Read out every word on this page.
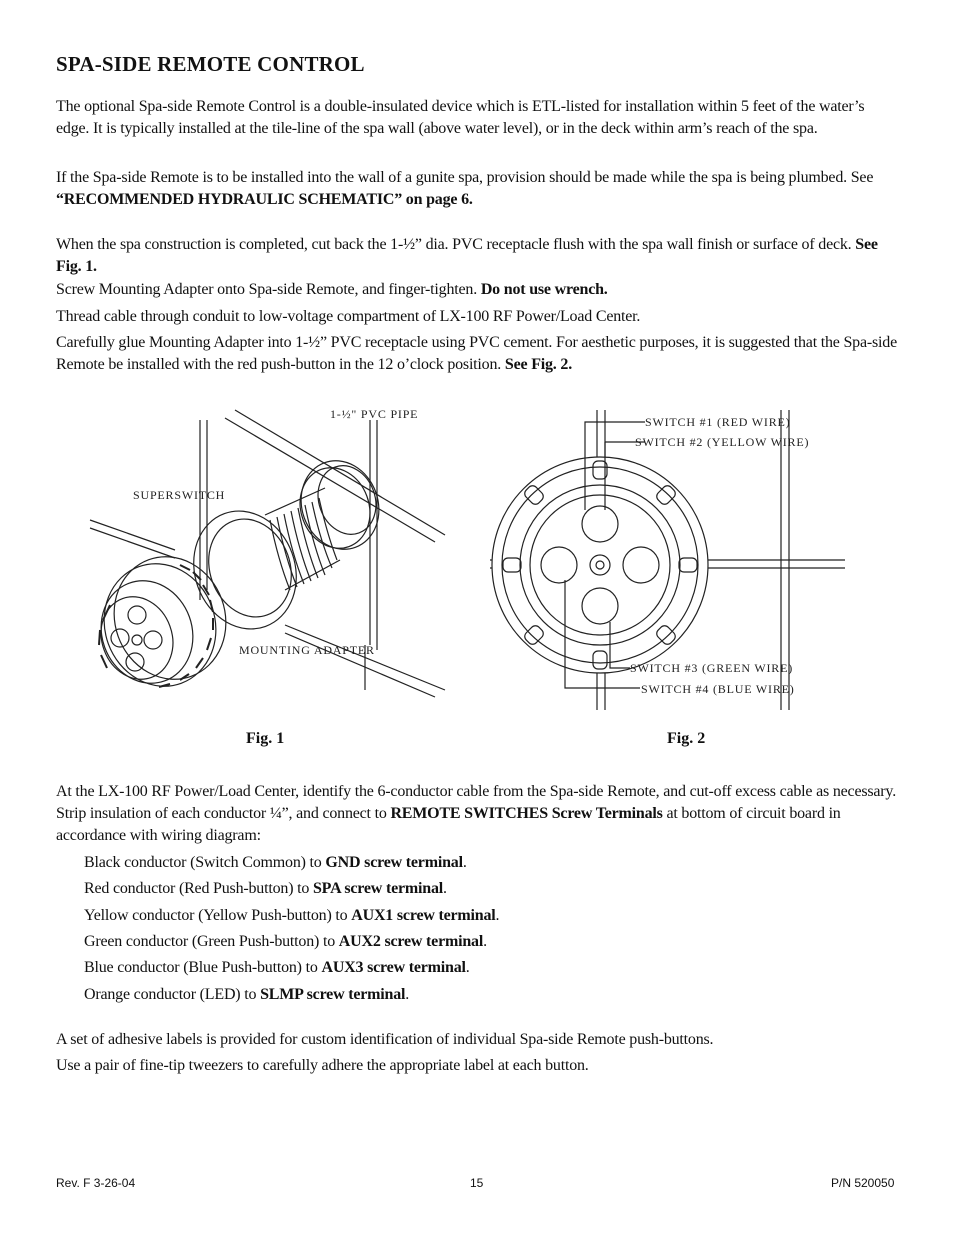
SPA-SIDE REMOTE CONTROL

The optional Spa-side Remote Control is a double-insulated device which is ETL-listed for installation within 5 feet of the water’s edge. It is typically installed at the tile-line of the spa wall (above water level), or in the deck within arm’s reach of the spa.

If the Spa-side Remote is to be installed into the wall of a gunite spa, provision should be made while the spa is being plumbed. See “RECOMMENDED HYDRAULIC SCHEMATIC” on page 6.

When the spa construction is completed, cut back the 1-½” dia. PVC receptacle flush with the spa wall finish or surface of deck. See Fig. 1.

Screw Mounting Adapter onto Spa-side Remote, and finger-tighten. Do not use wrench.

Thread cable through conduit to low-voltage compartment of LX-100 RF Power/Load Center.

Carefully glue Mounting Adapter into 1-½” PVC receptacle using PVC cement. For aesthetic purposes, it is suggested that the Spa-side Remote be installed with the red push-button in the 12 o’clock position. See Fig. 2.

1-½" PVC PIPE
SUPERSWITCH
MOUNTING ADAPTER
SWITCH #1 (RED WIRE)
SWITCH #2 (YELLOW WIRE)
SWITCH #3 (GREEN WIRE)
SWITCH #4 (BLUE WIRE)
Fig. 1	Fig. 2

At the LX-100 RF Power/Load Center, identify the 6-conductor cable from the Spa-side Remote, and cut-off excess cable as necessary. Strip insulation of each conductor ¼”, and connect to REMOTE SWITCHES Screw Terminals at bottom of circuit board in accordance with wiring diagram:

Black conductor (Switch Common) to GND screw terminal.

Red conductor (Red Push-button) to SPA screw terminal.

Yellow conductor (Yellow Push-button) to AUX1 screw terminal.

Green conductor (Green Push-button) to AUX2 screw terminal.

Blue conductor (Blue Push-button) to AUX3 screw terminal.

Orange conductor (LED) to SLMP screw terminal.

A set of adhesive labels is provided for custom identification of individual Spa-side Remote push-buttons.

Use a pair of fine-tip tweezers to carefully adhere the appropriate label at each button.

Rev. F 3-26-04	15	P/N 520050
